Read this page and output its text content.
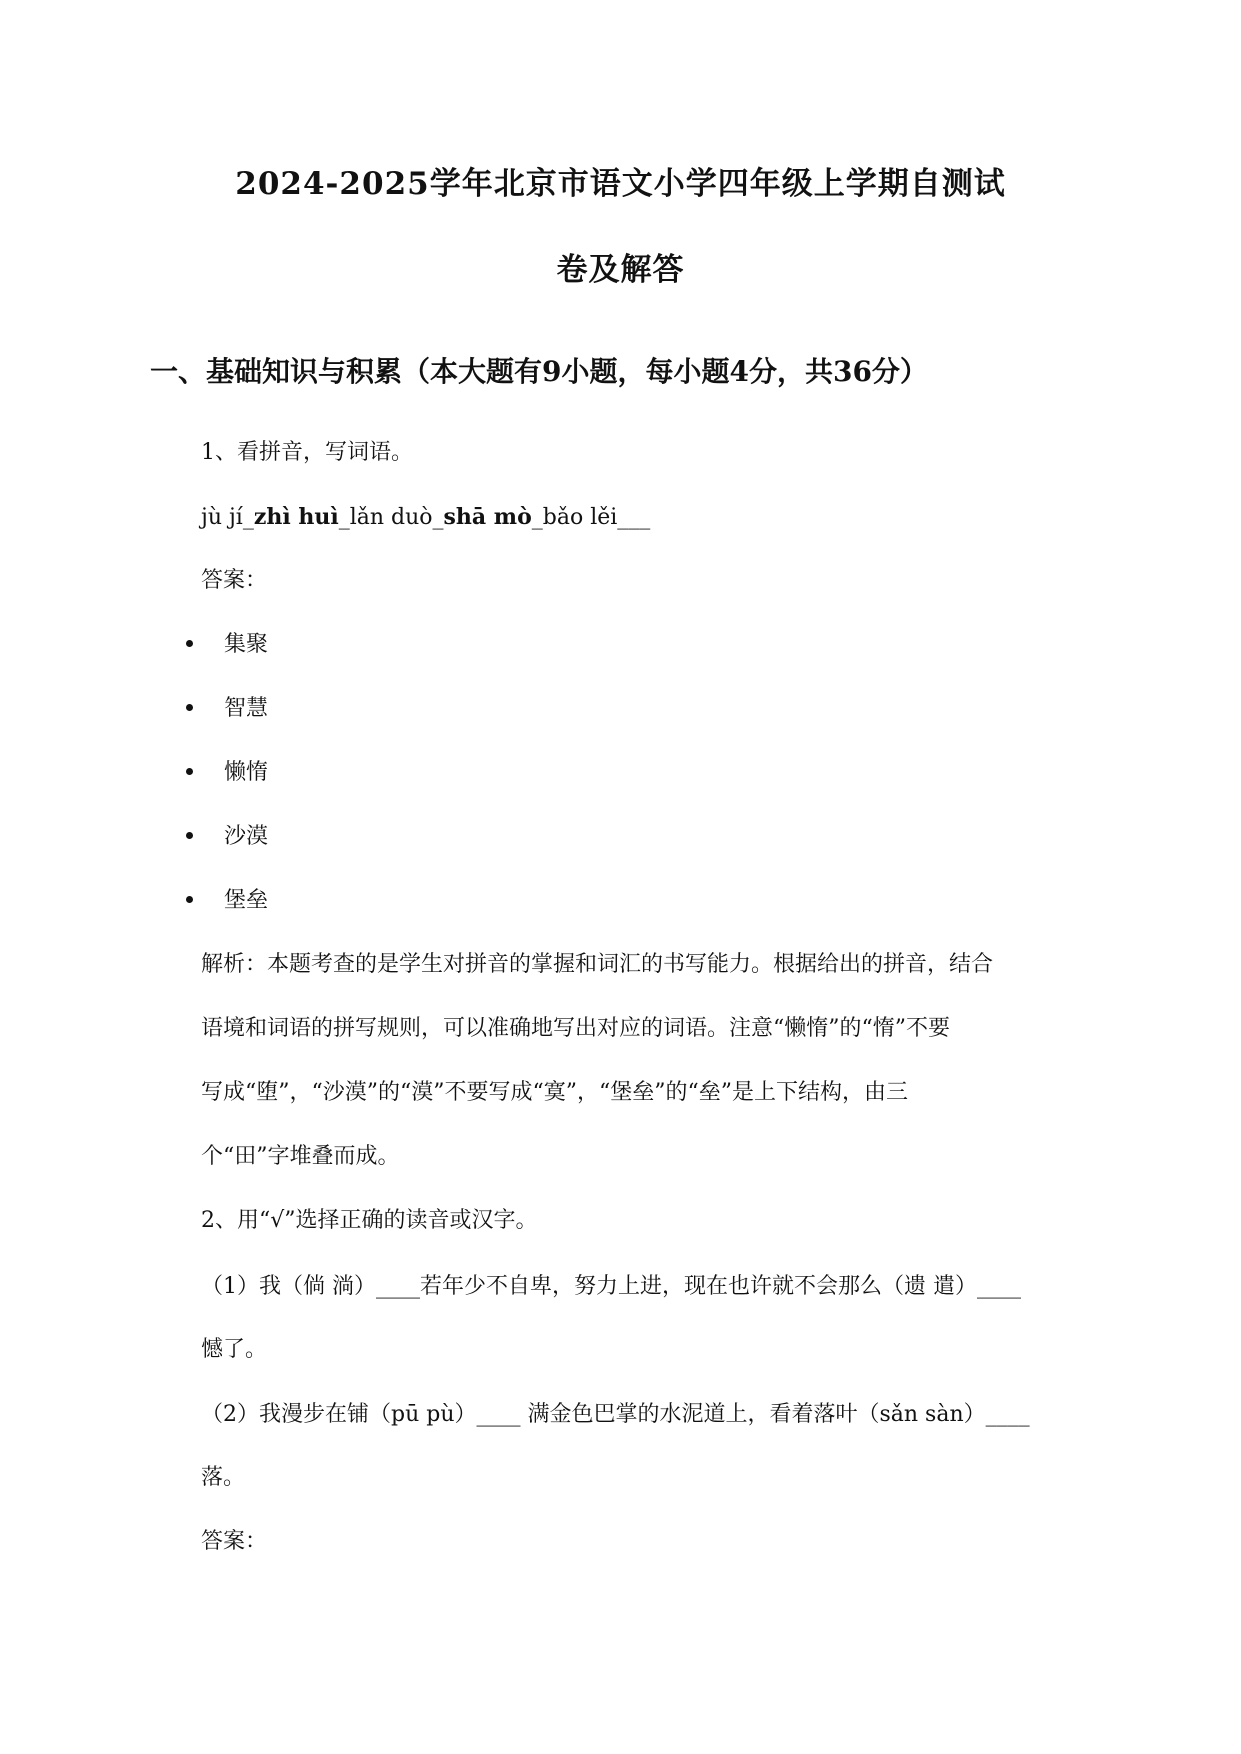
2024-2025学年北京市语文小学四年级上学期自测试
卷及解答
一、基础知识与积累（本大题有9小题，每小题4分，共36分）
1、看拼音，写词语。
jù jí_zhì huì_lǎn duò_shā mò_bǎo lěi___
答案：
集聚
智慧
懒惰
沙漠
堡垒
解析：本题考查的是学生对拼音的掌握和词汇的书写能力。根据给出的拼音，结合
语境和词语的拼写规则，可以准确地写出对应的词语。注意“懒惰”的“惰”不要
写成“堕”，“沙漠”的“漠”不要写成“寞”，“堡垒”的“垒”是上下结构，由三
个“田”字堆叠而成。
2、用“√”选择正确的读音或汉字。
（1）我（倘 淌）____若年少不自卑，努力上进，现在也许就不会那么（遗 遣）____
憾了。
（2）我漫步在铺（pū pù）____ 满金色巴掌的水泥道上，看着落叶（sǎn sàn）____
落。
答案：
